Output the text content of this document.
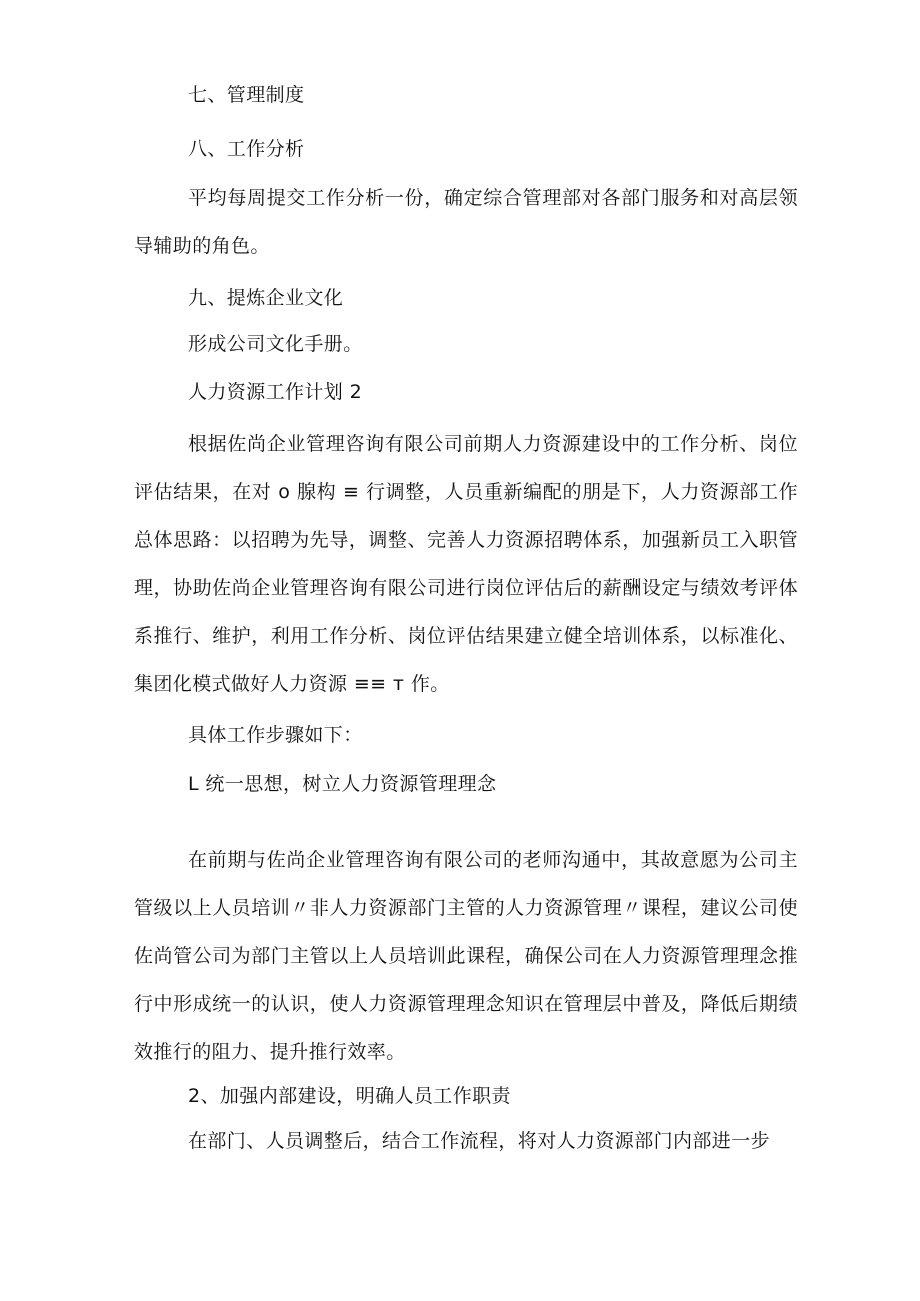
七、管理制度
八、工作分析

平均每周提交工作分析一份，确定综合管理部对各部门服务和对高层领导辅助的角色。

九、提炼企业文化
形成公司文化手册。
人力资源工作计划 2

根据佐尚企业管理咨询有限公司前期人力资源建设中的工作分析、岗位评估结果，在对 o 腺构 ≡ 行调整，人员重新编配的朋是下，人力资源部工作总体思路：以招聘为先导，调整、完善人力资源招聘体系，加强新员工入职管理，协助佐尚企业管理咨询有限公司进行岗位评估后的薪酬设定与绩效考评体系推行、维护，利用工作分析、岗位评估结果建立健全培训体系，以标准化、集团化模式做好人力资源 ≡≡ т 作。

具体工作步骤如下：
L 统一思想，树立人力资源管理理念

在前期与佐尚企业管理咨询有限公司的老师沟通中，其故意愿为公司主管级以上人员培训〃非人力资源部门主管的人力资源管理〃课程，建议公司使佐尚管公司为部门主管以上人员培训此课程，确保公司在人力资源管理理念推行中形成统一的认识，使人力资源管理理念知识在管理层中普及，降低后期绩效推行的阻力、提升推行效率。

2、加强内部建设，明确人员工作职责

在部门、人员调整后，结合工作流程，将对人力资源部门内部进一步
